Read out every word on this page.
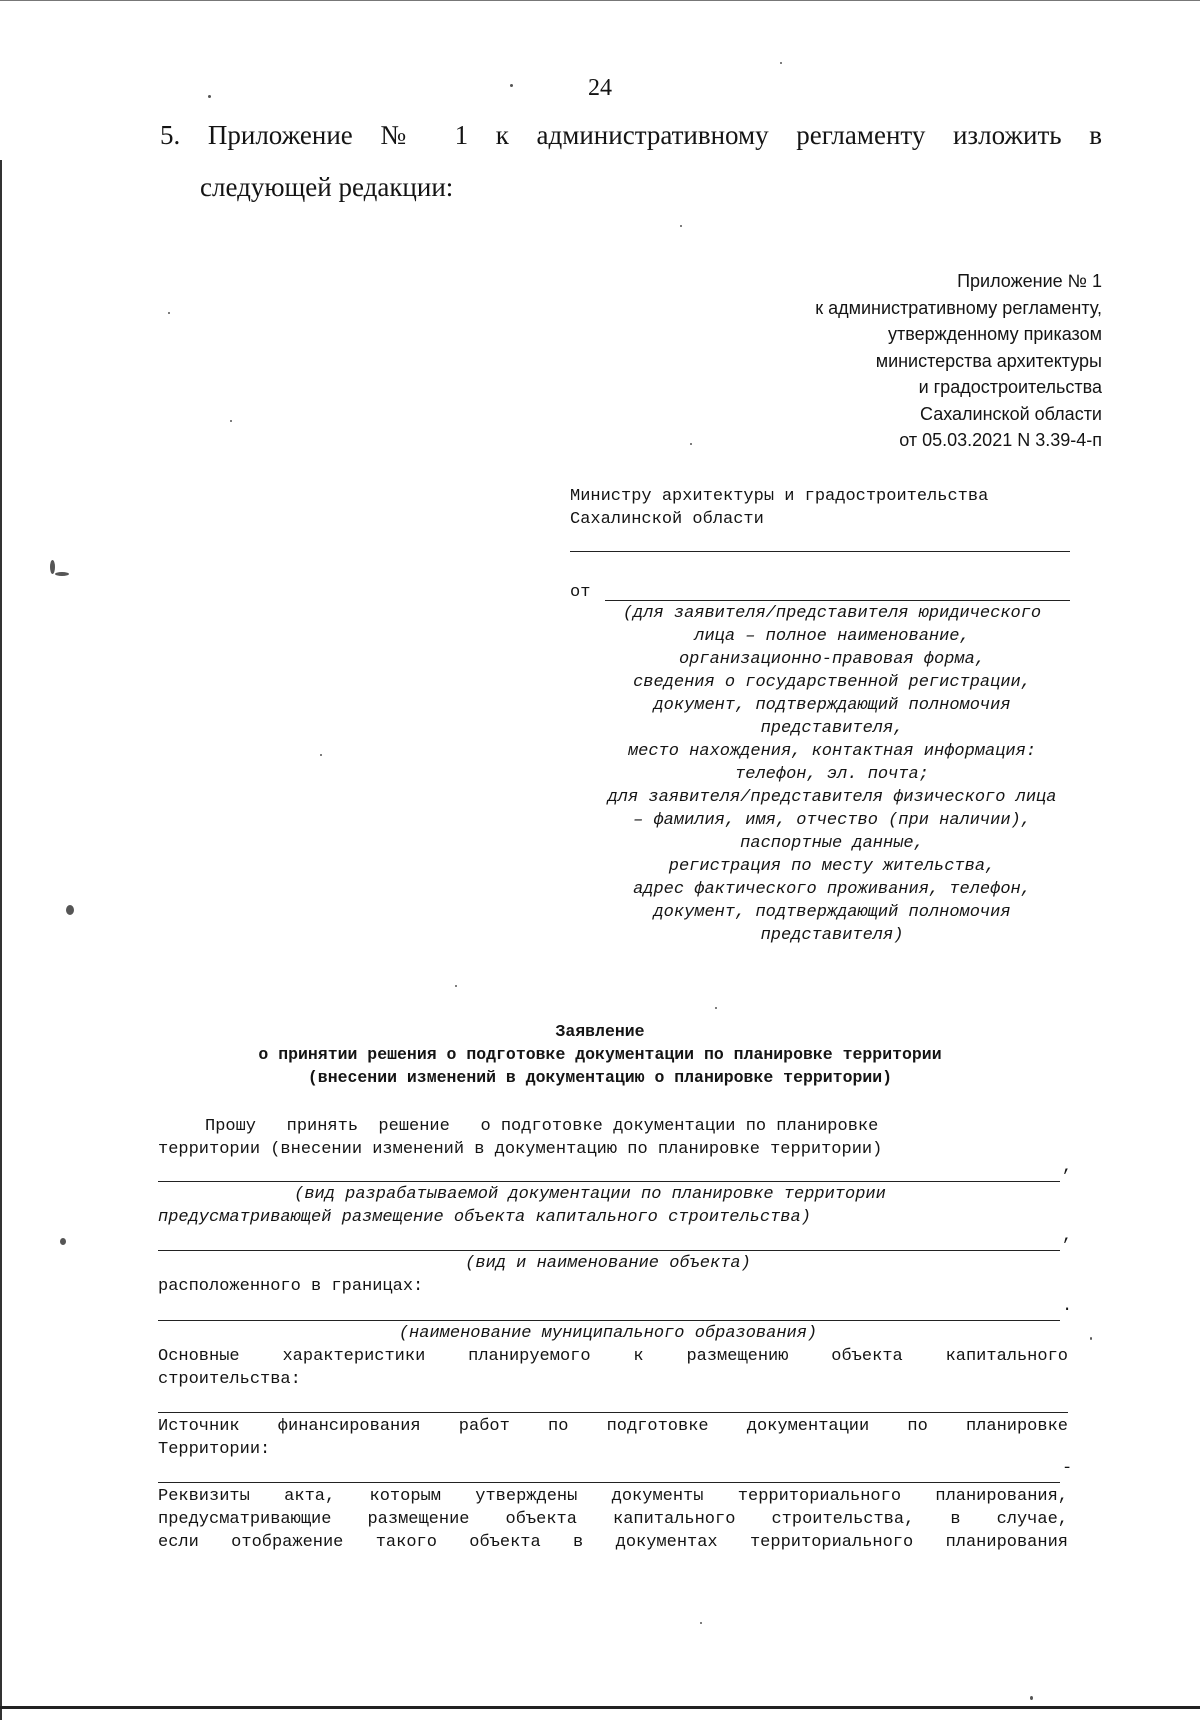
24
5. Приложение № 1 к административному регламенту изложить в
следующей редакции:
Приложение № 1
к административному регламенту,
утвержденному приказом
министерства архитектуры
и градостроительства
Сахалинской области
от 05.03.2021 N 3.39-4-п
Министру архитектуры и градостроительства
Сахалинской области
от
(для заявителя/представителя юридического
лица – полное наименование,
организационно-правовая форма,
сведения о государственной регистрации,
документ, подтверждающий полномочия
представителя,
место нахождения, контактная информация:
телефон, эл. почта;
для заявителя/представителя физического лица
– фамилия, имя, отчество (при наличии),
паспортные данные,
регистрация по месту жительства,
адрес фактического проживания, телефон,
документ, подтверждающий полномочия
представителя)
Заявление
о принятии решения о подготовке документации по планировке территории
(внесении изменений в документацию о планировке территории)
Прошу   принять  решение   о подготовке документации по планировке
территории (внесении изменений в документацию по планировке территории)
,
(вид разрабатываемой документации по планировке территории
предусматривающей размещение объекта капитального строительства)
,
(вид и наименование объекта)
расположенного в границах:
.
(наименование муниципального образования)
Основные характеристики планируемого к размещению объекта капитального
строительства:
Источник финансирования работ по подготовке документации по планировке
Территории:
-
Реквизиты акта, которым утверждены документы территориального планирования,
предусматривающие размещение объекта капитального строительства, в случае,
если отображение такого объекта в документах территориального планирования
